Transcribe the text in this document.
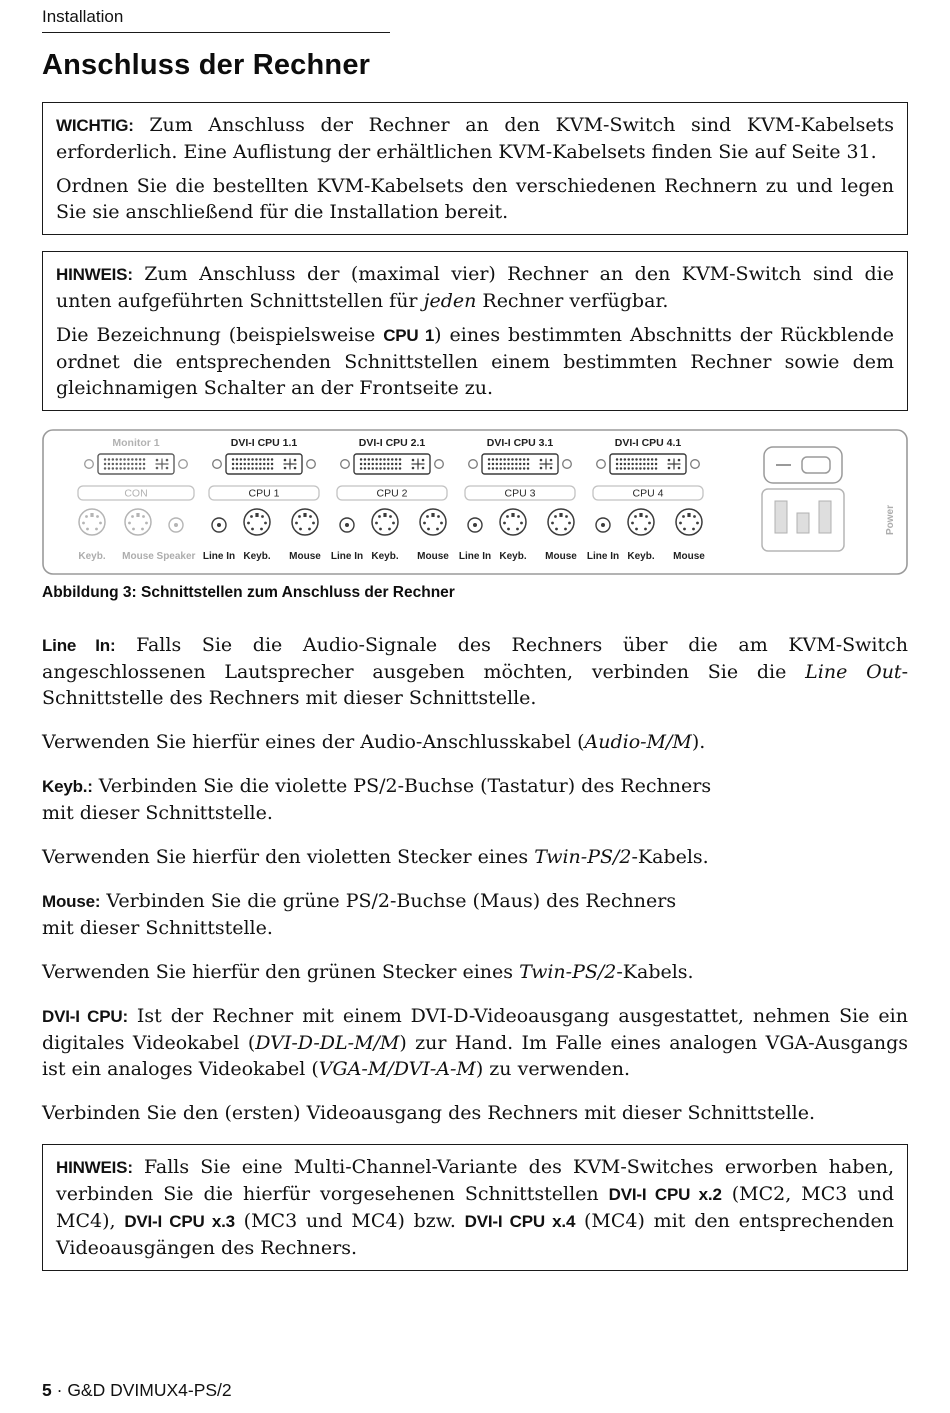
Installation
Anschluss der Rechner

WICHTIG: Zum Anschluss der Rechner an den KVM-Switch sind KVM-Kabelsets erforderlich. Eine Auflistung der erhältlichen KVM-Kabelsets finden Sie auf Seite 31.

Ordnen Sie die bestellten KVM-Kabelsets den verschiedenen Rechnern zu und legen Sie sie anschließend für die Installation bereit.

HINWEIS: Zum Anschluss der (maximal vier) Rechner an den KVM-Switch sind die unten aufgeführten Schnittstellen für jeden Rechner verfügbar.

Die Bezeichnung (beispielsweise CPU 1) eines bestimmten Abschnitts der Rückblende ordnet die entsprechenden Schnittstellen einem bestimmten Rechner sowie dem gleichnamigen Schalter an der Frontseite zu.

Monitor 1
CON
Keyb. Mouse Speaker
DVI-I CPU 1.1
CPU 1
Line In Keyb. Mouse
DVI-I CPU 2.1
CPU 2
Line In Keyb. Mouse
DVI-I CPU 3.1
CPU 3
Line In Keyb. Mouse
DVI-I CPU 4.1
CPU 4
Line In Keyb. Mouse
Power
Abbildung 3: Schnittstellen zum Anschluss der Rechner

Line In: Falls Sie die Audio-Signale des Rechners über die am KVM-Switch angeschlossenen Lautsprecher ausgeben möchten, verbinden Sie die Line Out-Schnittstelle des Rechners mit dieser Schnittstelle.

Verwenden Sie hierfür eines der Audio-Anschlusskabel (Audio-M/M).

Keyb.: Verbinden Sie die violette PS/2-Buchse (Tastatur) des Rechners
mit dieser Schnittstelle.

Verwenden Sie hierfür den violetten Stecker eines Twin-PS/2-Kabels.

Mouse: Verbinden Sie die grüne PS/2-Buchse (Maus) des Rechners
mit dieser Schnittstelle.

Verwenden Sie hierfür den grünen Stecker eines Twin-PS/2-Kabels.

DVI-I CPU: Ist der Rechner mit einem DVI-D-Videoausgang ausgestattet, nehmen Sie ein digitales Videokabel (DVI-D-DL-M/M) zur Hand. Im Falle eines analogen VGA-Ausgangs ist ein analoges Videokabel (VGA-M/DVI-A-M) zu verwenden.

Verbinden Sie den (ersten) Videoausgang des Rechners mit dieser Schnittstelle.

HINWEIS: Falls Sie eine Multi-Channel-Variante des KVM-Switches erworben haben, verbinden Sie die hierfür vorgesehenen Schnittstellen DVI-I CPU x.2 (MC2, MC3 und MC4), DVI-I CPU x.3 (MC3 und MC4) bzw. DVI-I CPU x.4 (MC4) mit den entsprechenden Videoausgängen des Rechners.

5 · G&D DVIMUX4-PS/2
